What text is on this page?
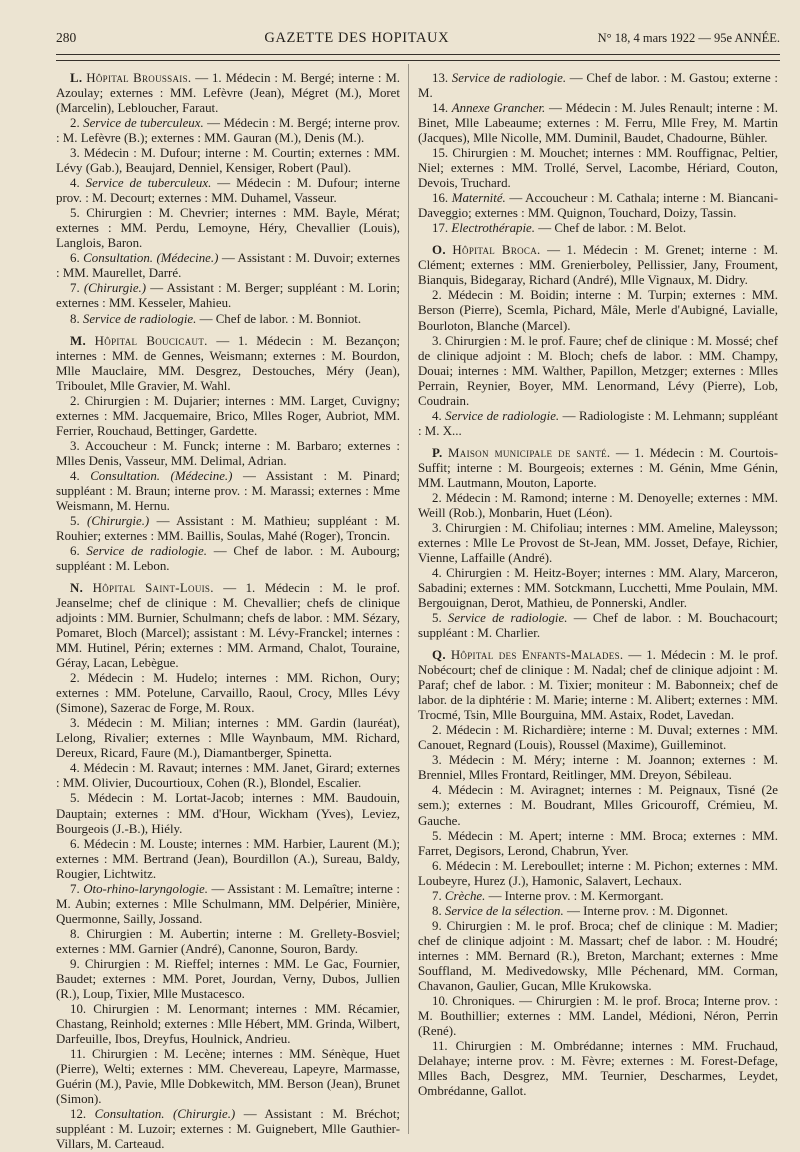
280	GAZETTE DES HOPITAUX	N° 18, 4 mars 1922 — 95e ANNÉE.

L. Hôpital Broussais. — 1. Médecin : M. Bergé; interne : M. Azoulay; externes : MM. Lefèvre (Jean), Mégret (M.), Moret (Marcelin), Lebloucher, Faraut.

2. Service de tuberculeux. — Médecin : M. Bergé; interne prov. : M. Lefèvre (B.); externes : MM. Gauran (M.), Denis (M.).

3. Médecin : M. Dufour; interne : M. Courtin; externes : MM. Lévy (Gab.), Beaujard, Denniel, Kensiger, Robert (Paul).

4. Service de tuberculeux. — Médecin : M. Dufour; interne prov. : M. Decourt; externes : MM. Duhamel, Vasseur.

5. Chirurgien : M. Chevrier; internes : MM. Bayle, Mérat; externes : MM. Perdu, Lemoyne, Héry, Chevallier (Louis), Langlois, Baron.

6. Consultation. (Médecine.) — Assistant : M. Duvoir; externes : MM. Maurellet, Darré.

7. (Chirurgie.) — Assistant : M. Berger; suppléant : M. Lorin; externes : MM. Kesseler, Mahieu.

8. Service de radiologie. — Chef de labor. : M. Bonniot.

M. Hôpital Boucicaut. — 1. Médecin : M. Bezançon; internes : MM. de Gennes, Weismann; externes : M. Bourdon, Mlle Mauclaire, MM. Desgrez, Destouches, Méry (Jean), Triboulet, Mlle Gravier, M. Wahl.

2. Chirurgien : M. Dujarier; internes : MM. Larget, Cuvigny; externes : MM. Jacquemaire, Brico, Mlles Roger, Aubriot, MM. Ferrier, Rouchaud, Bettinger, Gardette.

3. Accoucheur : M. Funck; interne : M. Barbaro; externes : Mlles Denis, Vasseur, MM. Delimal, Adrian.

4. Consultation. (Médecine.) — Assistant : M. Pinard; suppléant : M. Braun; interne prov. : M. Marassi; externes : Mme Weismann, M. Hernu.

5. (Chirurgie.) — Assistant : M. Mathieu; suppléant : M. Rouhier; externes : MM. Baillis, Soulas, Mahé (Roger), Troncin.

6. Service de radiologie. — Chef de labor. : M. Aubourg; suppléant : M. Lebon.

N. Hôpital Saint-Louis. — 1. Médecin : M. le prof. Jeanselme; chef de clinique : M. Chevallier; chefs de clinique adjoints : MM. Burnier, Schulmann; chefs de labor. : MM. Sézary, Pomaret, Bloch (Marcel); assistant : M. Lévy-Franckel; internes : MM. Hutinel, Périn; externes : MM. Armand, Chalot, Touraine, Géray, Lacan, Lebègue.

2. Médecin : M. Hudelo; internes : MM. Richon, Oury; externes : MM. Potelune, Carvaillo, Raoul, Crocy, Mlles Lévy (Simone), Sazerac de Forge, M. Roux.

3. Médecin : M. Milian; internes : MM. Gardin (lauréat), Lelong, Rivalier; externes : Mlle Waynbaum, MM. Richard, Dereux, Ricard, Faure (M.), Diamantberger, Spinetta.

4. Médecin : M. Ravaut; internes : MM. Janet, Girard; externes : MM. Olivier, Ducourtioux, Cohen (R.), Blondel, Escalier.

5. Médecin : M. Lortat-Jacob; internes : MM. Baudouin, Dauptain; externes : MM. d'Hour, Wickham (Yves), Leviez, Bourgeois (J.-B.), Hiély.

6. Médecin : M. Louste; internes : MM. Harbier, Laurent (M.); externes : MM. Bertrand (Jean), Bourdillon (A.), Sureau, Baldy, Rougier, Lichtwitz.

7. Oto-rhino-laryngologie. — Assistant : M. Lemaître; interne : M. Aubin; externes : Mlle Schulmann, MM. Delpérier, Minière, Quermonne, Sailly, Jossand.

8. Chirurgien : M. Aubertin; interne : M. Grellety-Bosviel; externes : MM. Garnier (André), Canonne, Souron, Bardy.

9. Chirurgien : M. Rieffel; internes : MM. Le Gac, Fournier, Baudet; externes : MM. Poret, Jourdan, Verny, Dubos, Jullien (R.), Loup, Tixier, Mlle Mustacesco.

10. Chirurgien : M. Lenormant; internes : MM. Récamier, Chastang, Reinhold; externes : Mlle Hébert, MM. Grinda, Wilbert, Darfeuille, Ibos, Dreyfus, Houlnick, Andrieu.

11. Chirurgien : M. Lecène; internes : MM. Sénèque, Huet (Pierre), Welti; externes : MM. Chevereau, Lapeyre, Marmasse, Guérin (M.), Pavie, Mlle Dobkewitch, MM. Berson (Jean), Brunet (Simon).

12. Consultation. (Chirurgie.) — Assistant : M. Bréchot; suppléant : M. Luzoir; externes : M. Guignebert, Mlle Gauthier-Villars, M. Carteaud.

13. Service de radiologie. — Chef de labor. : M. Gastou; externe : M.

14. Annexe Grancher. — Médecin : M. Jules Renault; interne : M. Binet, Mlle Labeaume; externes : M. Ferru, Mlle Frey, M. Martin (Jacques), Mlle Nicolle, MM. Duminil, Baudet, Chadourne, Bühler.

15. Chirurgien : M. Mouchet; internes : MM. Rouffignac, Peltier, Niel; externes : MM. Trollé, Servel, Lacombe, Hériard, Couton, Devois, Truchard.

16. Maternité. — Accoucheur : M. Cathala; interne : M. Biancani-Daveggio; externes : MM. Quignon, Touchard, Doizy, Tassin.

17. Electrothérapie. — Chef de labor. : M. Belot.

O. Hôpital Broca. — 1. Médecin : M. Grenet; interne : M. Clément; externes : MM. Grenierboley, Pellissier, Jany, Froument, Bianquis, Bidegaray, Richard (André), Mlle Vignaux, M. Didry.

2. Médecin : M. Boidin; interne : M. Turpin; externes : MM. Berson (Pierre), Scemla, Pichard, Mâle, Merle d'Aubigné, Lavialle, Bourloton, Blanche (Marcel).

3. Chirurgien : M. le prof. Faure; chef de clinique : M. Mossé; chef de clinique adjoint : M. Bloch; chefs de labor. : MM. Champy, Douai; internes : MM. Walther, Papillon, Metzger; externes : Mlles Perrain, Reynier, Boyer, MM. Lenormand, Lévy (Pierre), Lob, Coudrain.

4. Service de radiologie. — Radiologiste : M. Lehmann; suppléant : M. X...

P. Maison municipale de santé. — 1. Médecin : M. Courtois-Suffit; interne : M. Bourgeois; externes : M. Génin, Mme Génin, MM. Lautmann, Mouton, Laporte.

2. Médecin : M. Ramond; interne : M. Denoyelle; externes : MM. Weill (Rob.), Monbarin, Huet (Léon).

3. Chirurgien : M. Chifoliau; internes : MM. Ameline, Maleysson; externes : Mlle Le Provost de St-Jean, MM. Josset, Defaye, Richier, Vienne, Laffaille (André).

4. Chirurgien : M. Heitz-Boyer; internes : MM. Alary, Marceron, Sabadini; externes : MM. Sotckmann, Lucchetti, Mme Poulain, MM. Bergouignan, Derot, Mathieu, de Ponnerski, Andler.

5. Service de radiologie. — Chef de labor. : M. Bouchacourt; suppléant : M. Charlier.

Q. Hôpital des Enfants-Malades. — 1. Médecin : M. le prof. Nobécourt; chef de clinique : M. Nadal; chef de clinique adjoint : M. Paraf; chef de labor. : M. Tixier; moniteur : M. Babonneix; chef de labor. de la diphtérie : M. Marie; interne : M. Alibert; externes : MM. Trocmé, Tsin, Mlle Bourguina, MM. Astaix, Rodet, Lavedan.

2. Médecin : M. Richardière; interne : M. Duval; externes : MM. Canouet, Regnard (Louis), Roussel (Maxime), Guilleminot.

3. Médecin : M. Méry; interne : M. Joannon; externes : M. Brenniel, Mlles Frontard, Reitlinger, MM. Dreyon, Sébileau.

4. Médecin : M. Aviragnet; internes : M. Peignaux, Tisné (2e sem.); externes : M. Boudrant, Mlles Gricouroff, Crémieu, M. Gauche.

5. Médecin : M. Apert; interne : MM. Broca; externes : MM. Farret, Degisors, Lerond, Chabrun, Yver.

6. Médecin : M. Lereboullet; interne : M. Pichon; externes : MM. Loubeyre, Hurez (J.), Hamonic, Salavert, Lechaux.

7. Crèche. — Interne prov. : M. Kermorgant.

8. Service de la sélection. — Interne prov. : M. Digonnet.

9. Chirurgien : M. le prof. Broca; chef de clinique : M. Madier; chef de clinique adjoint : M. Massart; chef de labor. : M. Houdré; internes : MM. Bernard (R.), Breton, Marchant; externes : Mme Souffland, M. Medivedowsky, Mlle Péchenard, MM. Corman, Chavanon, Gaulier, Gucan, Mlle Krukowska.

10. Chroniques. — Chirurgien : M. le prof. Broca; Interne prov. : M. Bouthillier; externes : MM. Landel, Médioni, Néron, Perrin (René).

11. Chirurgien : M. Ombrédanne; internes : MM. Fruchaud, Delahaye; interne prov. : M. Fèvre; externes : M. Forest-Defage, Mlles Bach, Desgrez, MM. Teurnier, Descharmes, Leydet, Ombrédanne, Gallot.
